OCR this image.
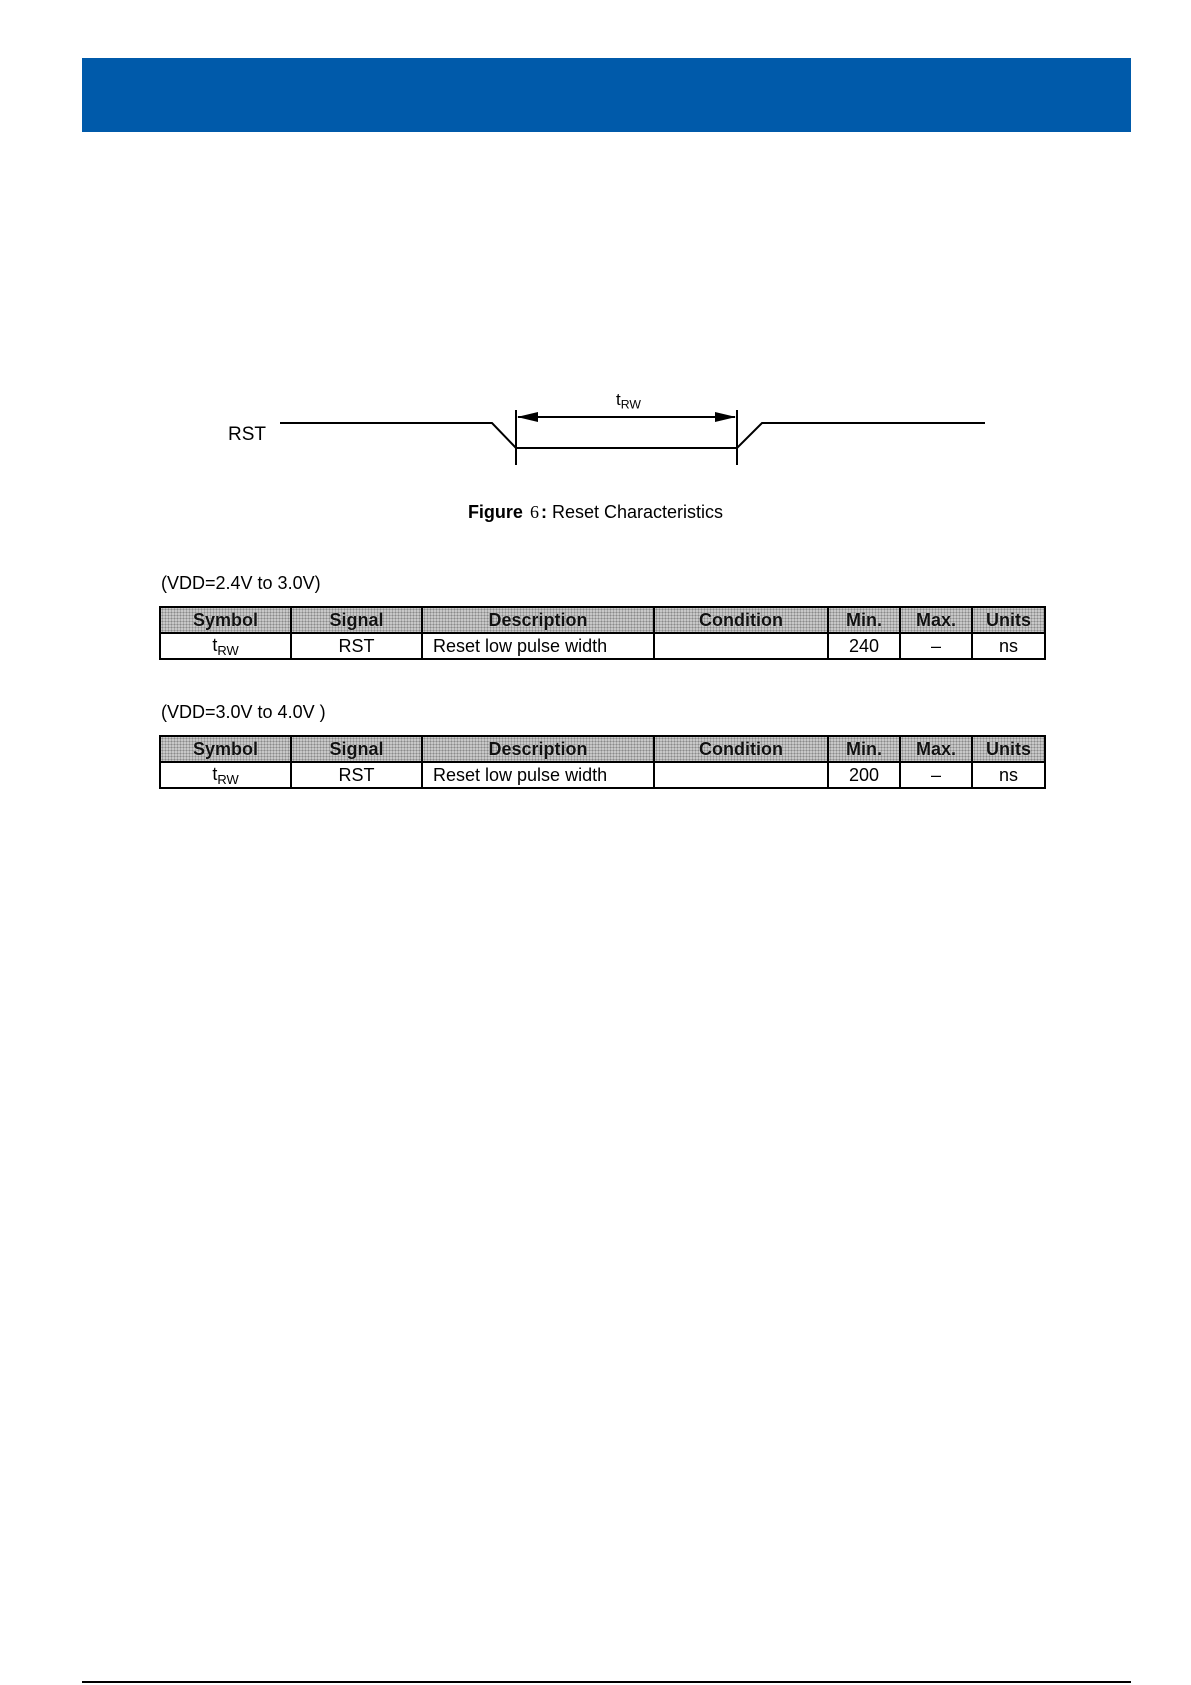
RST
$t_{RW}$
Figure 6 : Reset Characteristics
(VDD=2.4V to 3.0V)
Symbol	Signal	Description	Condition	Min.	Max.	Units
$t_{RW}$	RST	Reset low pulse width		240	–	ns
(VDD=3.0V to 4.0V )
Symbol	Signal	Description	Condition	Min.	Max.	Units
$t_{RW}$	RST	Reset low pulse width		200	–	ns
